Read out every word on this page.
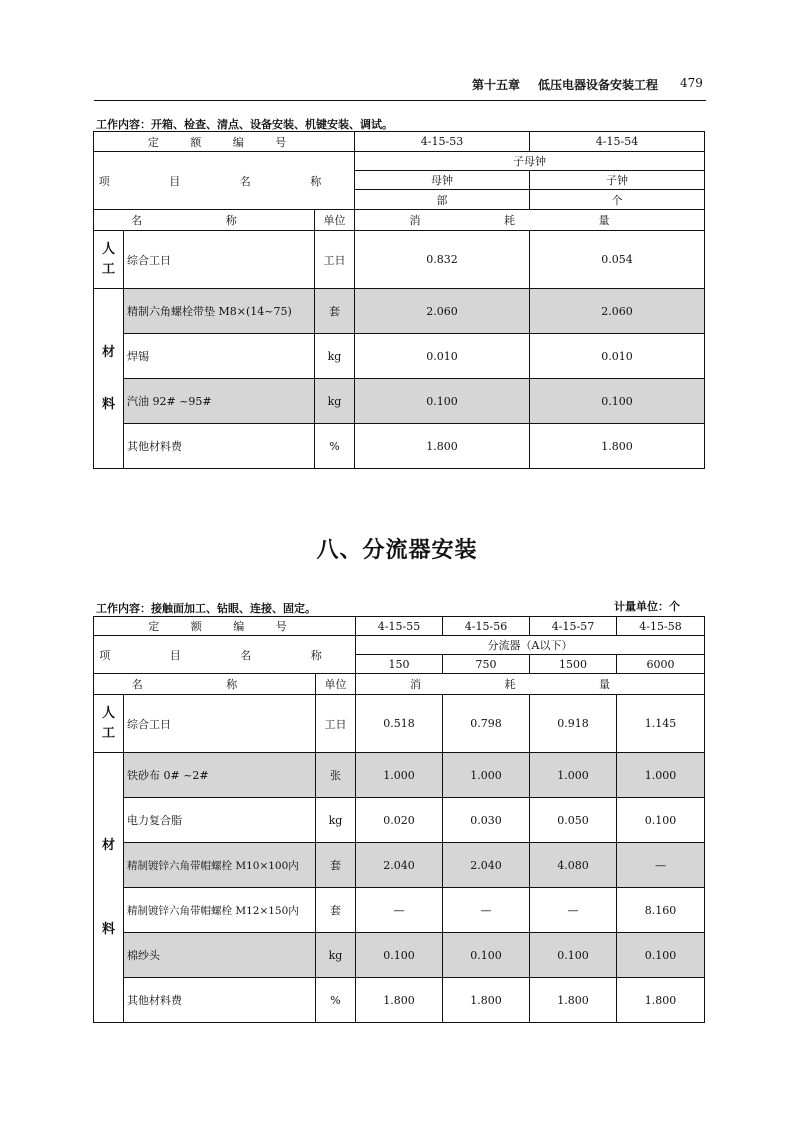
第十五章 低压电器设备安装工程 479
工作内容：开箱、检查、清点、设备安装、机键安装、调试。
定 额 编 号			4-15-53	4-15-54
项 目 名 称			子母钟	
			母钟	子钟
			部	个
名 称		单位	消 耗 量	
人工	综合工日	工日	0.832	0.054

材料	精制六角螺栓带垫 M8×(14~75)	套	2.060	2.060
	焊锡	kg	0.010	0.010
	汽油 92# ~95#	kg	0.100	0.100
	其他材料费	%	1.800	1.800
八、分流器安装
工作内容：接触面加工、钻眼、连接、固定。	计量单位：个
定 额 编 号			4-15-55	4-15-56	4-15-57	4-15-58
项 目 名 称			分流器（A以下）			
			150	750	1500	6000
名 称		单位	消 耗 量			
人工	综合工日	工日	0.518	0.798	0.918	1.145

材料	铁砂布 0# ~2#	张	1.000	1.000	1.000	1.000
	电力复合脂	kg	0.020	0.030	0.050	0.100
	精制镀锌六角带帽螺栓 M10×100内	套	2.040	2.040	4.080	—
	精制镀锌六角带帽螺栓 M12×150内	套	—	—	—	8.160
	棉纱头	kg	0.100	0.100	0.100	0.100
	其他材料费	%	1.800	1.800	1.800	1.800
